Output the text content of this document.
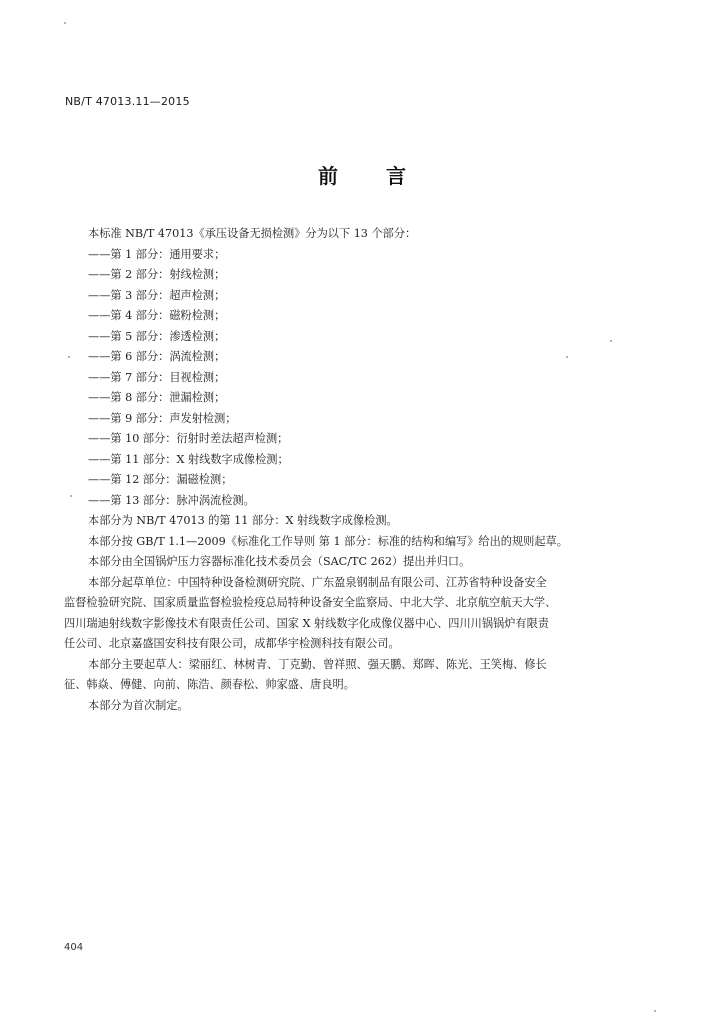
NB/T 47013.11—2015
前言
本标准 NB/T 47013《承压设备无损检测》分为以下 13 个部分：
——第 1 部分：通用要求；
——第 2 部分：射线检测；
——第 3 部分：超声检测；
——第 4 部分：磁粉检测；
——第 5 部分：渗透检测；
——第 6 部分：涡流检测；
——第 7 部分：目视检测；
——第 8 部分：泄漏检测；
——第 9 部分：声发射检测；
——第 10 部分：衍射时差法超声检测；
——第 11 部分：X 射线数字成像检测；
——第 12 部分：漏磁检测；
——第 13 部分：脉冲涡流检测。
本部分为 NB/T 47013 的第 11 部分：X 射线数字成像检测。
本部分按 GB/T 1.1—2009《标准化工作导则 第 1 部分：标准的结构和编写》给出的规则起草。
本部分由全国锅炉压力容器标准化技术委员会（SAC/TC 262）提出并归口。
本部分起草单位：中国特种设备检测研究院、广东盈泉钢制品有限公司、江苏省特种设备安全
监督检验研究院、国家质量监督检验检疫总局特种设备安全监察局、中北大学、北京航空航天大学、
四川瑞迪射线数字影像技术有限责任公司、国家 X 射线数字化成像仪器中心、四川川锅锅炉有限责
任公司、北京嘉盛国安科技有限公司，成都华宇检测科技有限公司。
本部分主要起草人：梁丽红、林树青、丁克勤、曾祥照、强天鹏、郑晖、陈光、王笑梅、修长
征、韩焱、傅健、向前、陈浩、颜春松、帅家盛、唐良明。
本部分为首次制定。
404
